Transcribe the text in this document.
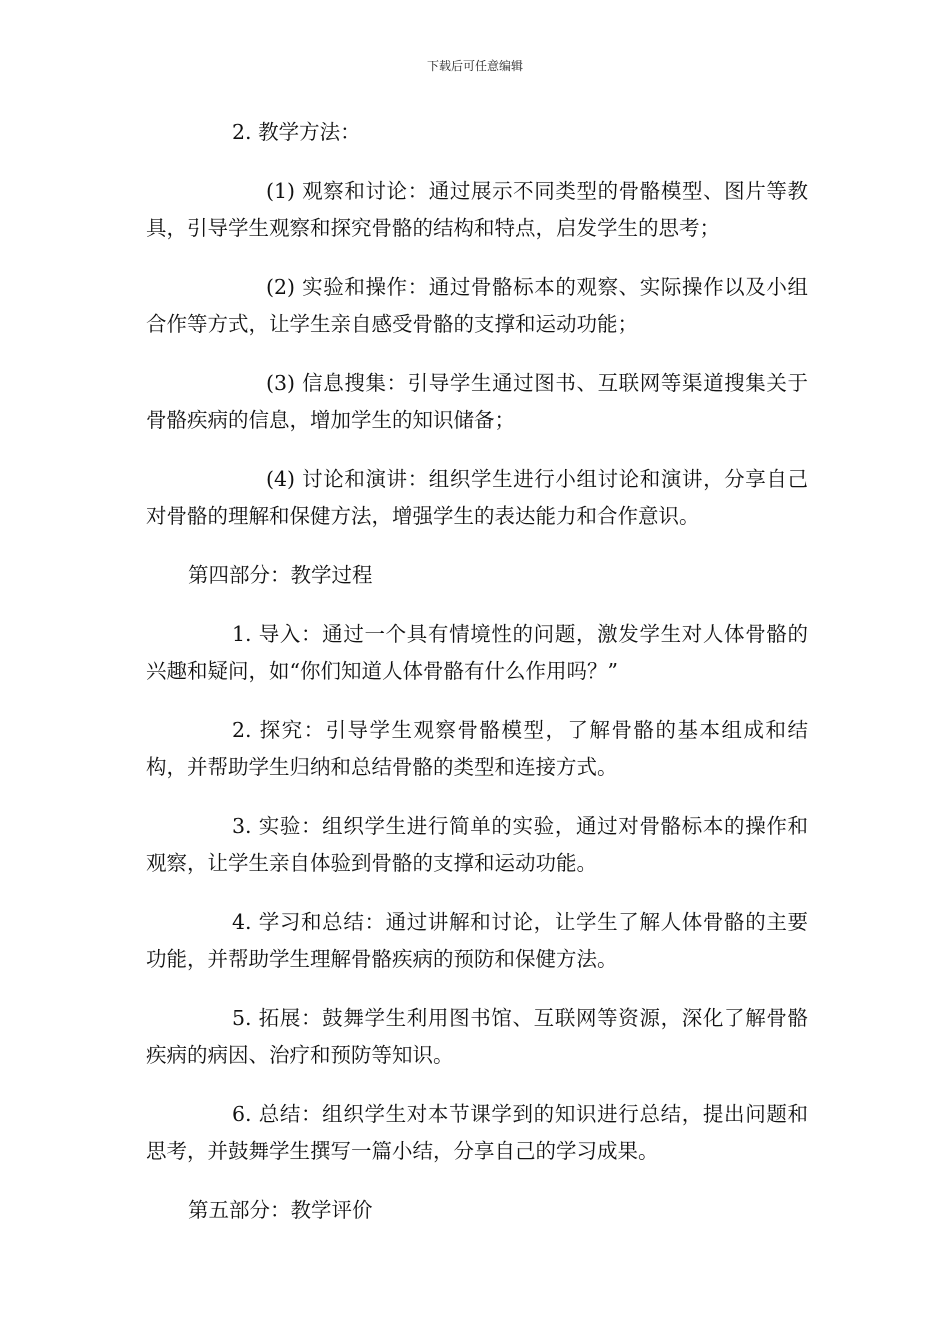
下载后可任意编辑

2. 教学方法：

(1) 观察和讨论：通过展示不同类型的骨骼模型、图片等教具，引导学生观察和探究骨骼的结构和特点，启发学生的思考；

(2) 实验和操作：通过骨骼标本的观察、实际操作以及小组合作等方式，让学生亲自感受骨骼的支撑和运动功能；

(3) 信息搜集：引导学生通过图书、互联网等渠道搜集关于骨骼疾病的信息，增加学生的知识储备；

(4) 讨论和演讲：组织学生进行小组讨论和演讲，分享自己对骨骼的理解和保健方法，增强学生的表达能力和合作意识。

第四部分：教学过程

1. 导入：通过一个具有情境性的问题，激发学生对人体骨骼的兴趣和疑问，如“你们知道人体骨骼有什么作用吗？”

2. 探究：引导学生观察骨骼模型，了解骨骼的基本组成和结构，并帮助学生归纳和总结骨骼的类型和连接方式。

3. 实验：组织学生进行简单的实验，通过对骨骼标本的操作和观察，让学生亲自体验到骨骼的支撑和运动功能。

4. 学习和总结：通过讲解和讨论，让学生了解人体骨骼的主要功能，并帮助学生理解骨骼疾病的预防和保健方法。

5. 拓展：鼓舞学生利用图书馆、互联网等资源，深化了解骨骼疾病的病因、治疗和预防等知识。

6. 总结：组织学生对本节课学到的知识进行总结，提出问题和思考，并鼓舞学生撰写一篇小结，分享自己的学习成果。

第五部分：教学评价
